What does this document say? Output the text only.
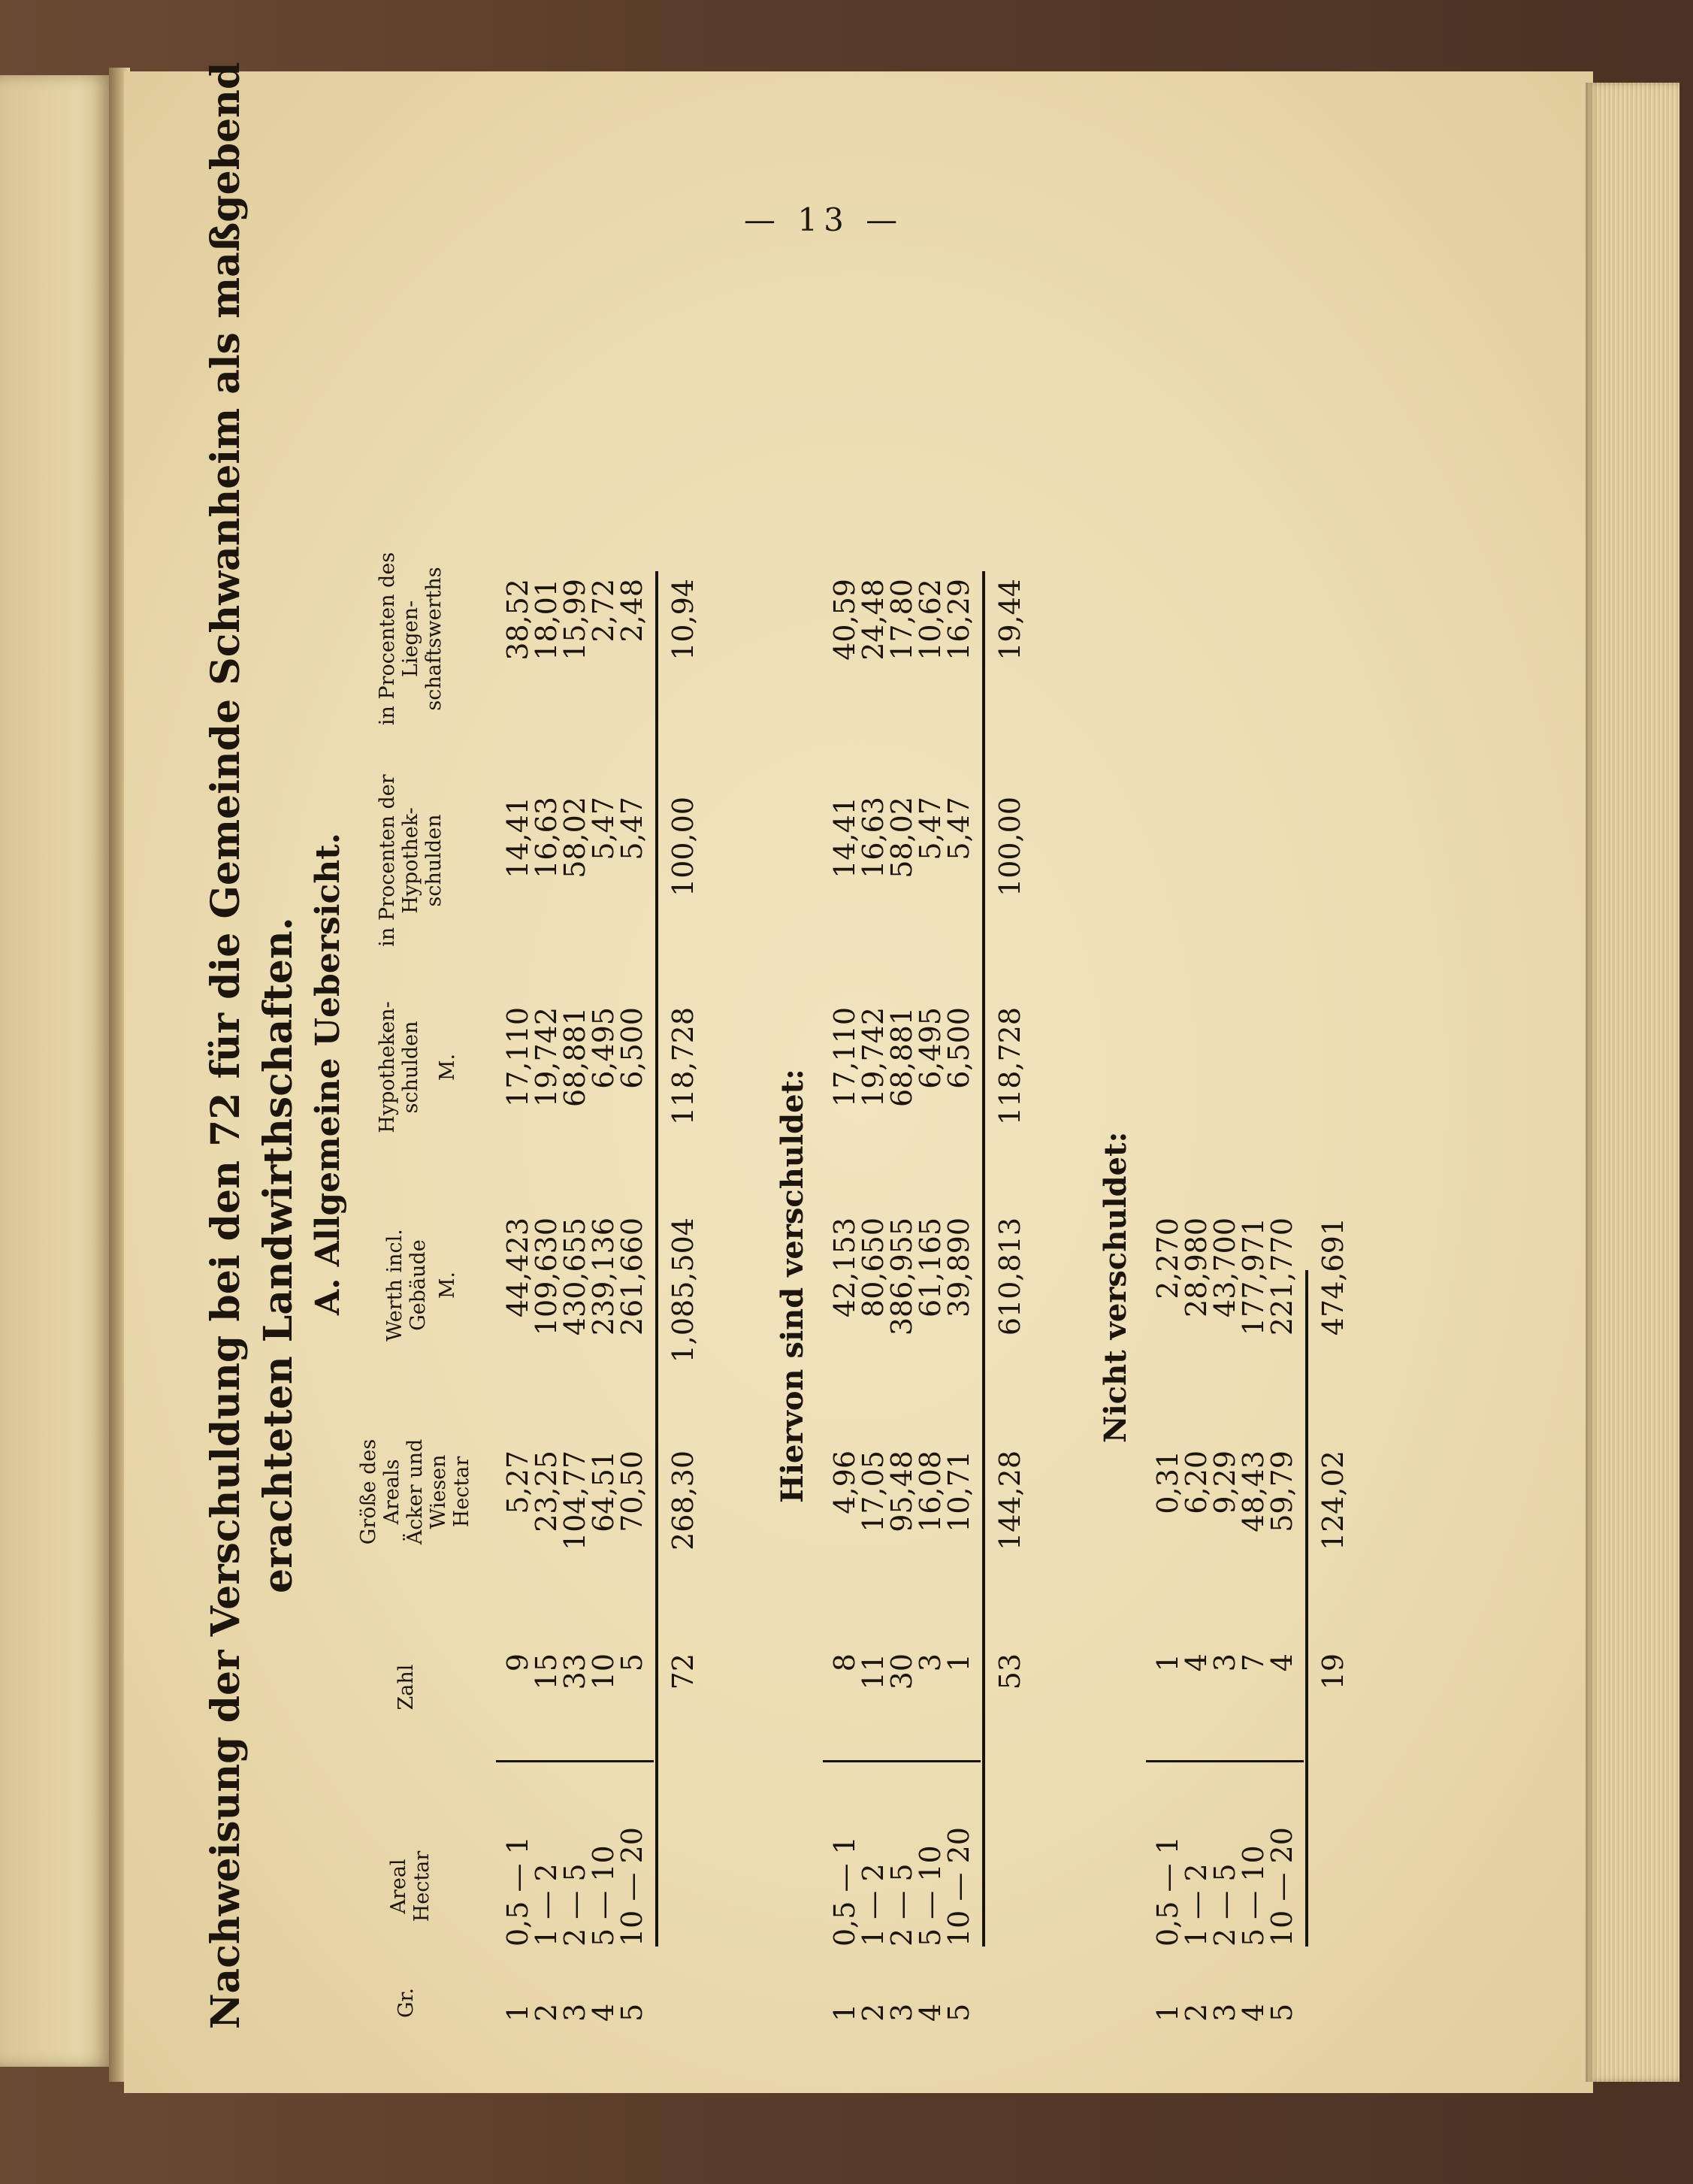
— 13 —
Nachweisung der Verschuldung bei den 72 für die Gemeinde Schwanheim als maßgebend erachteten Landwirthschaften. A. Allgemeine Uebersicht.
Gr.
Areal Hectar
Zahl
Größe des Areals Äcker und Wiesen Hectar
Werth incl. Gebäude M.
Hypotheken-schulden M.
in Procenten der Hypothek-schulden
in Procenten des Liegen-schaftswerths
1
0,5 — 1
9
5,27
44,423
17,110
14,41
38,52
2
1 — 2
15
23,25
109,630
19,742
16,63
18,01
3
2 — 5
33
104,77
430,655
68,881
58,02
15,99
4
5 — 10
10
64,51
239,136
6,495
5,47
2,72
5
10 — 20
5
70,50
261,660
6,500
5,47
2,48
72
268,30
1,085,504
118,728
100,00
10,94
Hiervon sind verschuldet:
1
0,5 — 1
8
4,96
42,153
17,110
14,41
40,59
2
1 — 2
11
17,05
80,650
19,742
16,63
24,48
3
2 — 5
30
95,48
386,955
68,881
58,02
17,80
4
5 — 10
3
16,08
61,165
6,495
5,47
10,62
5
10 — 20
1
10,71
39,890
6,500
5,47
16,29
53
144,28
610,813
118,728
100,00
19,44
Nicht verschuldet:
1
0,5 — 1
1
0,31
2,270
2
1 — 2
4
6,20
28,980
3
2 — 5
3
9,29
43,700
4
5 — 10
7
48,43
177,971
5
10 — 20
4
59,79
221,770
19
124,02
474,691
